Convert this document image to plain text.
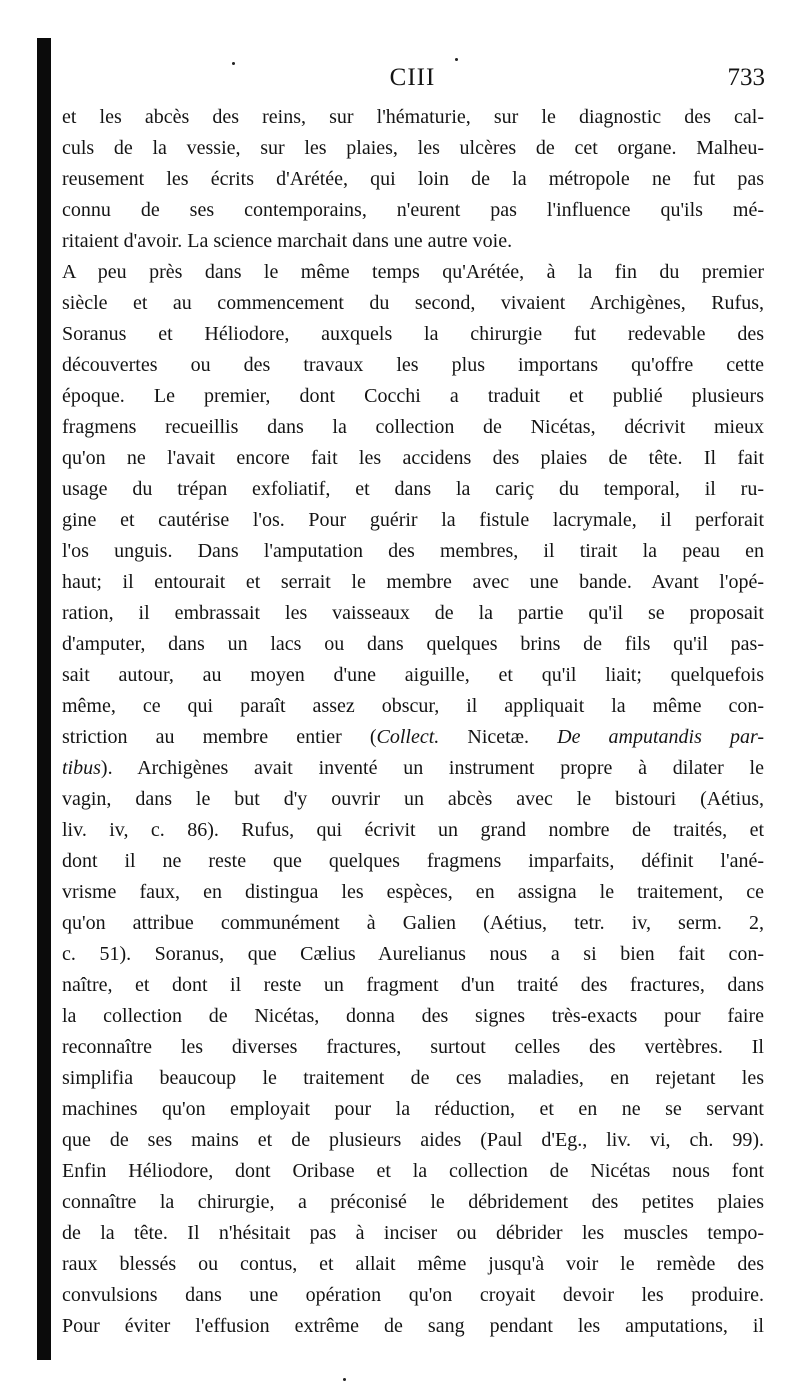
CIII	733
et les abcès des reins, sur l'hématurie, sur le diagnostic des cal-
culs de la vessie, sur les plaies, les ulcères de cet organe. Malheu-
reusement les écrits d'Arétée, qui loin de la métropole ne fut pas
connu de ses contemporains, n'eurent pas l'influence qu'ils mé-
ritaient d'avoir. La science marchait dans une autre voie.
A peu près dans le même temps qu'Arétée, à la fin du premier
siècle et au commencement du second, vivaient Archigènes, Rufus,
Soranus et Héliodore, auxquels la chirurgie fut redevable des
découvertes ou des travaux les plus importans qu'offre cette
époque. Le premier, dont Cocchi a traduit et publié plusieurs
fragmens recueillis dans la collection de Nicétas, décrivit mieux
qu'on ne l'avait encore fait les accidens des plaies de tête. Il fait
usage du trépan exfoliatif, et dans la cariç du temporal, il ru-
gine et cautérise l'os. Pour guérir la fistule lacrymale, il perforait
l'os unguis. Dans l'amputation des membres, il tirait la peau en
haut; il entourait et serrait le membre avec une bande. Avant l'opé-
ration, il embrassait les vaisseaux de la partie qu'il se proposait
d'amputer, dans un lacs ou dans quelques brins de fils qu'il pas-
sait autour, au moyen d'une aiguille, et qu'il liait; quelquefois
même, ce qui paraît assez obscur, il appliquait la même con-
striction au membre entier (Collect. Nicetæ. De amputandis par-
tibus). Archigènes avait inventé un instrument propre à dilater le
vagin, dans le but d'y ouvrir un abcès avec le bistouri (Aétius,
liv. iv, c. 86). Rufus, qui écrivit un grand nombre de traités, et
dont il ne reste que quelques fragmens imparfaits, définit l'ané-
vrisme faux, en distingua les espèces, en assigna le traitement, ce
qu'on attribue communément à Galien (Aétius, tetr. iv, serm. 2,
c. 51). Soranus, que Cælius Aurelianus nous a si bien fait con-
naître, et dont il reste un fragment d'un traité des fractures, dans
la collection de Nicétas, donna des signes très-exacts pour faire
reconnaître les diverses fractures, surtout celles des vertèbres. Il
simplifia beaucoup le traitement de ces maladies, en rejetant les
machines qu'on employait pour la réduction, et en ne se servant
que de ses mains et de plusieurs aides (Paul d'Eg., liv. vi, ch. 99).
Enfin Héliodore, dont Oribase et la collection de Nicétas nous font
connaître la chirurgie, a préconisé le débridement des petites plaies
de la tête. Il n'hésitait pas à inciser ou débrider les muscles tempo-
raux blessés ou contus, et allait même jusqu'à voir le remède des
convulsions dans une opération qu'on croyait devoir les produire.
Pour éviter l'effusion extrême de sang pendant les amputations, il
